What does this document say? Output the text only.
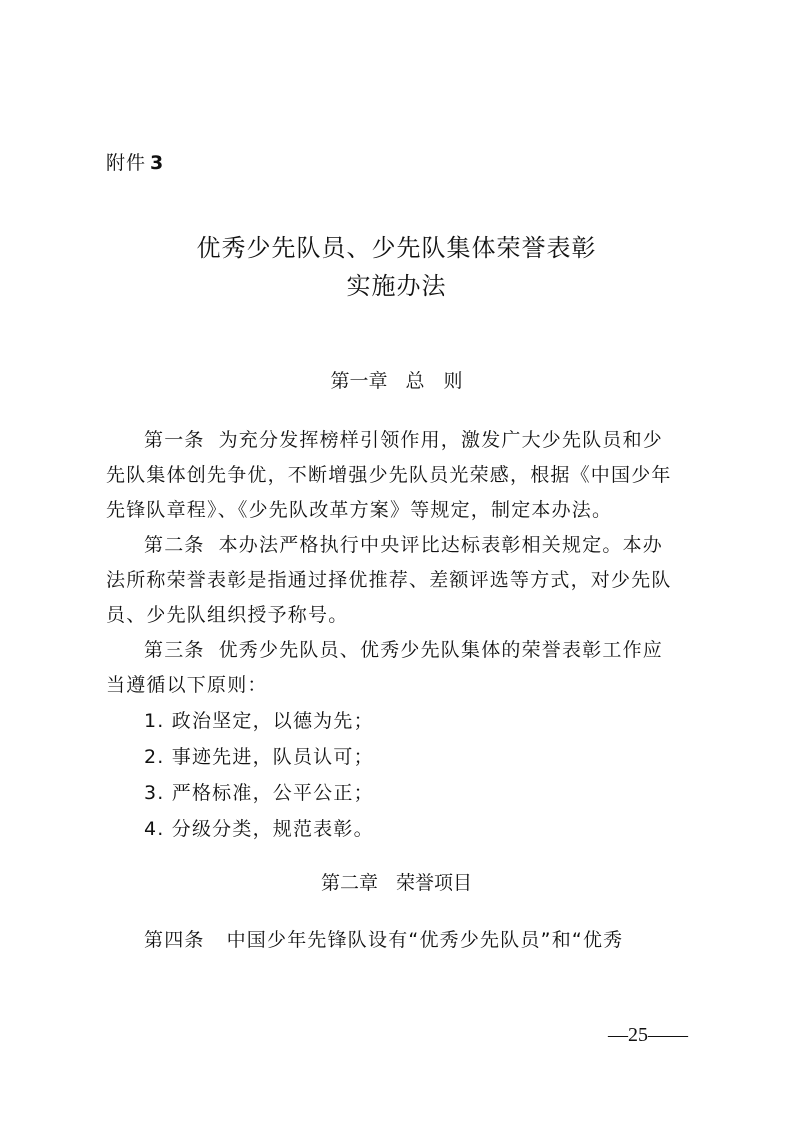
附件 3
优秀少先队员、少先队集体荣誉表彰
实施办法
第一章 总　则
第一条 为充分发挥榜样引领作用，激发广大少先队员和少
先队集体创先争优，不断增强少先队员光荣感，根据《中国少年
先锋队章程》、《少先队改革方案》等规定，制定本办法。
第二条 本办法严格执行中央评比达标表彰相关规定。本办
法所称荣誉表彰是指通过择优推荐、差额评选等方式，对少先队
员、少先队组织授予称号。
第三条 优秀少先队员、优秀少先队集体的荣誉表彰工作应
当遵循以下原则：
1. 政治坚定，以德为先；
2. 事迹先进，队员认可；
3. 严格标准，公平公正；
4. 分级分类，规范表彰。
第二章 荣誉项目
第四条 中国少年先锋队设有“优秀少先队员”和“优秀
—25——
